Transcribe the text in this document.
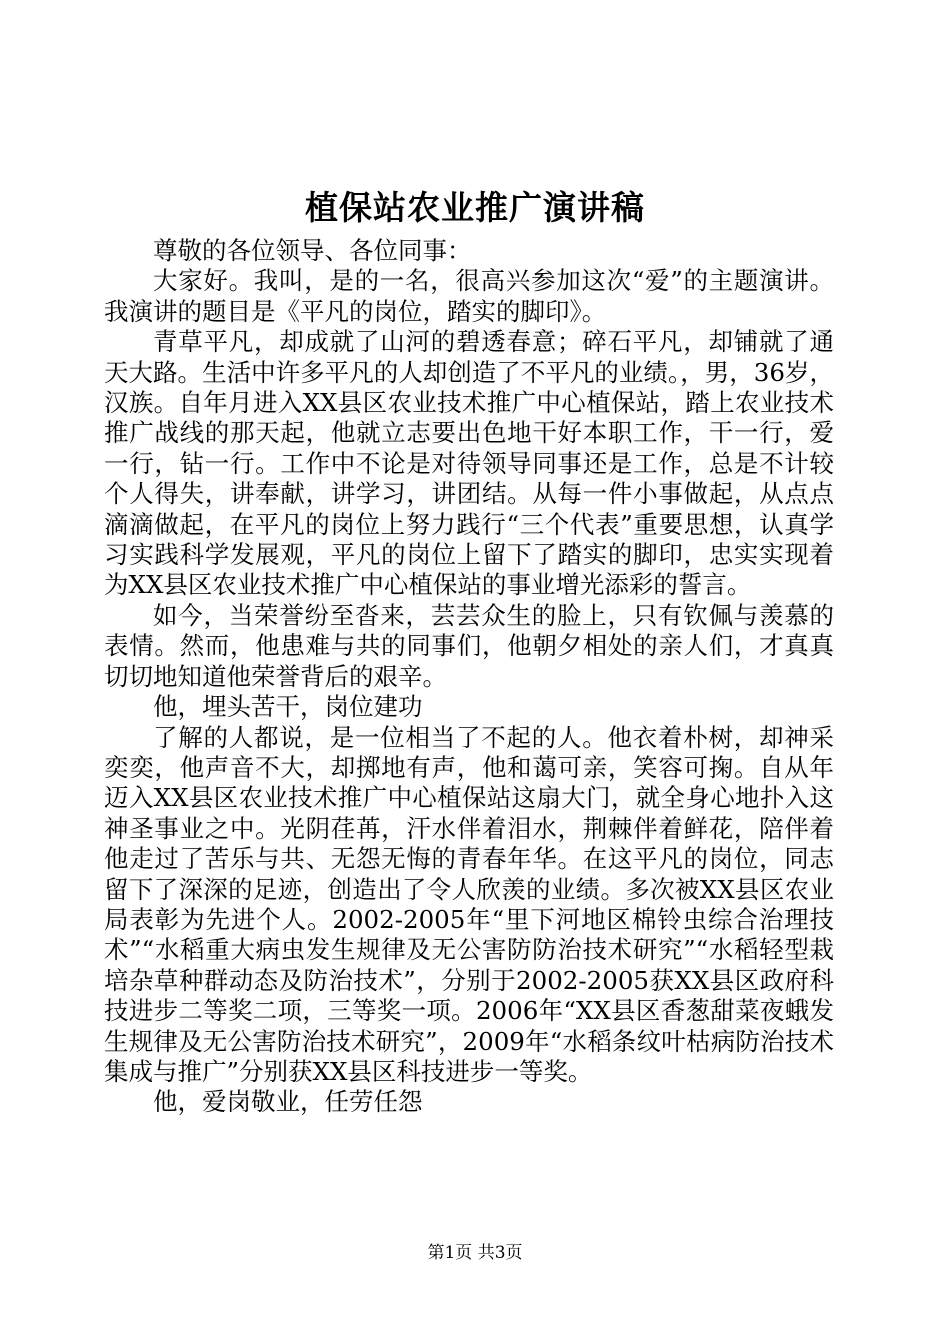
植保站农业推广演讲稿

尊敬的各位领导、各位同事：

大家好。我叫，是的一名，很高兴参加这次“爱”的主题演讲。我演讲的题目是《平凡的岗位，踏实的脚印》。

青草平凡，却成就了山河的碧透春意；碎石平凡，却铺就了通天大路。生活中许多平凡的人却创造了不平凡的业绩。，男，36岁，汉族。自年月进入XX县区农业技术推广中心植保站，踏上农业技术推广战线的那天起，他就立志要出色地干好本职工作，干一行，爱一行，钻一行。工作中不论是对待领导同事还是工作，总是不计较个人得失，讲奉献，讲学习，讲团结。从每一件小事做起，从点点滴滴做起，在平凡的岗位上努力践行“三个代表”重要思想，认真学习实践科学发展观，平凡的岗位上留下了踏实的脚印，忠实实现着为XX县区农业技术推广中心植保站的事业增光添彩的誓言。

如今，当荣誉纷至沓来，芸芸众生的脸上，只有钦佩与羡慕的表情。然而，他患难与共的同事们，他朝夕相处的亲人们，才真真切切地知道他荣誉背后的艰辛。

他，埋头苦干，岗位建功

了解的人都说，是一位相当了不起的人。他衣着朴树，却神采奕奕，他声音不大，却掷地有声，他和蔼可亲，笑容可掬。自从年迈入XX县区农业技术推广中心植保站这扇大门，就全身心地扑入这神圣事业之中。光阴荏苒，汗水伴着泪水，荆棘伴着鲜花，陪伴着他走过了苦乐与共、无怨无悔的青春年华。在这平凡的岗位，同志留下了深深的足迹，创造出了令人欣羡的业绩。多次被XX县区农业局表彰为先进个人。2002-2005年“里下河地区棉铃虫综合治理技术”“水稻重大病虫发生规律及无公害防防治技术研究”“水稻轻型栽培杂草种群动态及防治技术”，分别于2002-2005获XX县区政府科技进步二等奖二项，三等奖一项。2006年“XX县区香葱甜菜夜蛾发生规律及无公害防治技术研究”，2009年“水稻条纹叶枯病防治技术集成与推广”分别获XX县区科技进步一等奖。

他，爱岗敬业，任劳任怨

第1页 共3页
